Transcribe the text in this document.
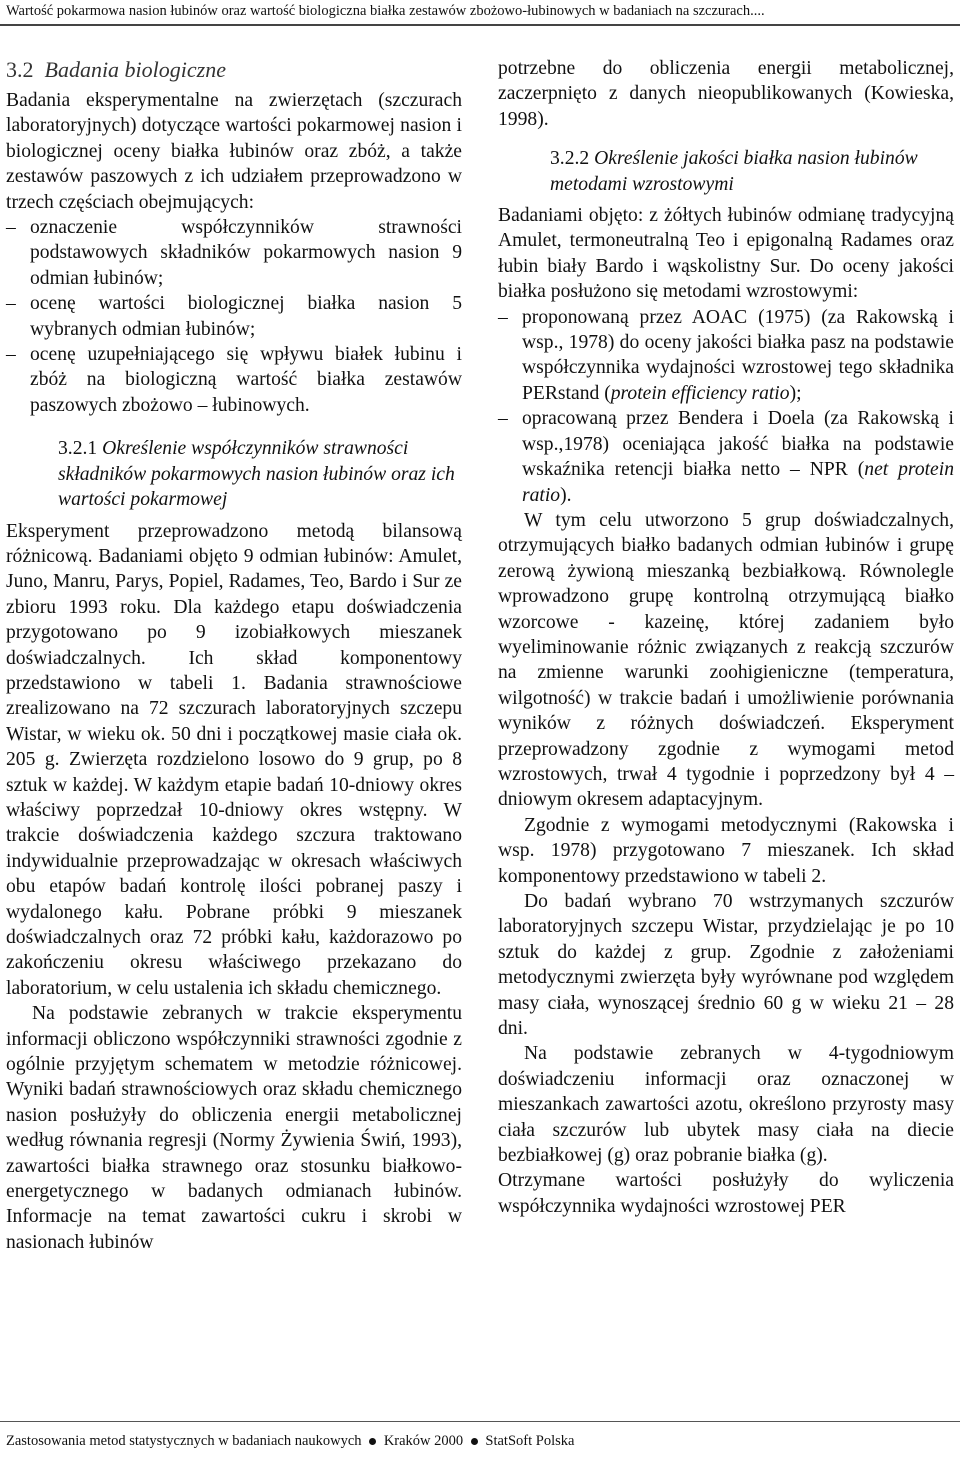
Wartość pokarmowa nasion łubinów oraz wartość biologiczna białka zestawów zbożowo-łubinowych w badaniach na szczurach....
3.2 Badania biologiczne

Badania eksperymentalne na zwierzętach (szczurach laboratoryjnych) dotyczące wartości pokarmowej nasion i biologicznej oceny białka łubinów oraz zbóż, a także zestawów paszowych z ich udziałem przeprowadzono w trzech częściach obejmujących:

– oznaczenie współczynników strawności podstawowych składników pokarmowych nasion 9 odmian łubinów;
– ocenę wartości biologicznej białka nasion 5 wybranych odmian łubinów;
– ocenę uzupełniającego się wpływu białek łubinu i zbóż na biologiczną wartość białka zestawów paszowych zbożowo – łubinowych.
3.2.1 Określenie współczynników strawności składników pokarmowych nasion łubinów oraz ich wartości pokarmowej

Eksperyment przeprowadzono metodą bilansową różnicową. Badaniami objęto 9 odmian łubinów: Amulet, Juno, Manru, Parys, Popiel, Radames, Teo, Bardo i Sur ze zbioru 1993 roku. Dla każdego etapu doświadczenia przygotowano po 9 izobiałkowych mieszanek doświadczalnych. Ich skład komponentowy przedstawiono w tabeli 1. Badania strawnościowe zrealizowano na 72 szczurach laboratoryjnych szczepu Wistar, w wieku ok. 50 dni i początkowej masie ciała ok. 205 g. Zwierzęta rozdzielono losowo do 9 grup, po 8 sztuk w każdej. W każdym etapie badań 10-dniowy okres właściwy poprzedzał 10-dniowy okres wstępny. W trakcie doświadczenia każdego szczura traktowano indywidualnie przeprowadzając w okresach właściwych obu etapów badań kontrolę ilości pobranej paszy i wydalonego kału. Pobrane próbki 9 mieszanek doświadczalnych oraz 72 próbki kału, każdorazowo po zakończeniu okresu właściwego przekazano do laboratorium, w celu ustalenia ich składu chemicznego.

Na podstawie zebranych w trakcie eksperymentu informacji obliczono współczynniki strawności zgodnie z ogólnie przyjętym schematem w metodzie różnicowej. Wyniki badań strawnościowych oraz składu chemicznego nasion posłużyły do obliczenia energii metabolicznej według równania regresji (Normy Żywienia Świń, 1993), zawartości białka strawnego oraz stosunku białkowo-energetycznego w badanych odmianach łubinów. Informacje na temat zawartości cukru i skrobi w nasionach łubinów

potrzebne do obliczenia energii metabolicznej, zaczerpnięto z danych nieopublikowanych (Kowieska, 1998).

3.2.2 Określenie jakości białka nasion łubinów metodami wzrostowymi

Badaniami objęto: z żółtych łubinów odmianę tradycyjną Amulet, termoneutralną Teo i epigonalną Radames oraz łubin biały Bardo i wąskolistny Sur. Do oceny jakości białka posłużono się metodami wzrostowymi:

– proponowaną przez AOAC (1975) (za Rakowską i wsp., 1978) do oceny jakości białka pasz na podstawie współczynnika wydajności wzrostowej tego składnika PERstand (protein efficiency ratio);
– opracowaną przez Bendera i Doela (za Rakowską i wsp.,1978) oceniająca jakość białka na podstawie wskaźnika retencji białka netto – NPR (net protein ratio).

W tym celu utworzono 5 grup doświadczalnych, otrzymujących białko badanych odmian łubinów i grupę zerową żywioną mieszanką bezbiałkową. Równolegle wprowadzono grupę kontrolną otrzymującą białko wzorcowe - kazeinę, której zadaniem było wyeliminowanie różnic związanych z reakcją szczurów na zmienne warunki zoohigieniczne (temperatura, wilgotność) w trakcie badań i umożliwienie porównania wyników z różnych doświadczeń. Eksperyment przeprowadzony zgodnie z wymogami metod wzrostowych, trwał 4 tygodnie i poprzedzony był 4 – dniowym okresem adaptacyjnym.

Zgodnie z wymogami metodycznymi (Rakowska i wsp. 1978) przygotowano 7 mieszanek. Ich skład komponentowy przedstawiono w tabeli 2.

Do badań wybrano 70 wstrzymanych szczurów laboratoryjnych szczepu Wistar, przydzielając je po 10 sztuk do każdej z grup. Zgodnie z założeniami metodycznymi zwierzęta były wyrównane pod względem masy ciała, wynoszącej średnio 60 g w wieku 21 – 28 dni.

Na podstawie zebranych w 4-tygodniowym doświadczeniu informacji oraz oznaczonej w mieszankach zawartości azotu, określono przyrosty masy ciała szczurów lub ubytek masy ciała na diecie bezbiałkowej (g) oraz pobranie białka (g).

Otrzymane wartości posłużyły do wyliczenia współczynnika wydajności wzrostowej PER

Zastosowania metod statystycznych w badaniach naukowych Kraków 2000 StatSoft Polska
